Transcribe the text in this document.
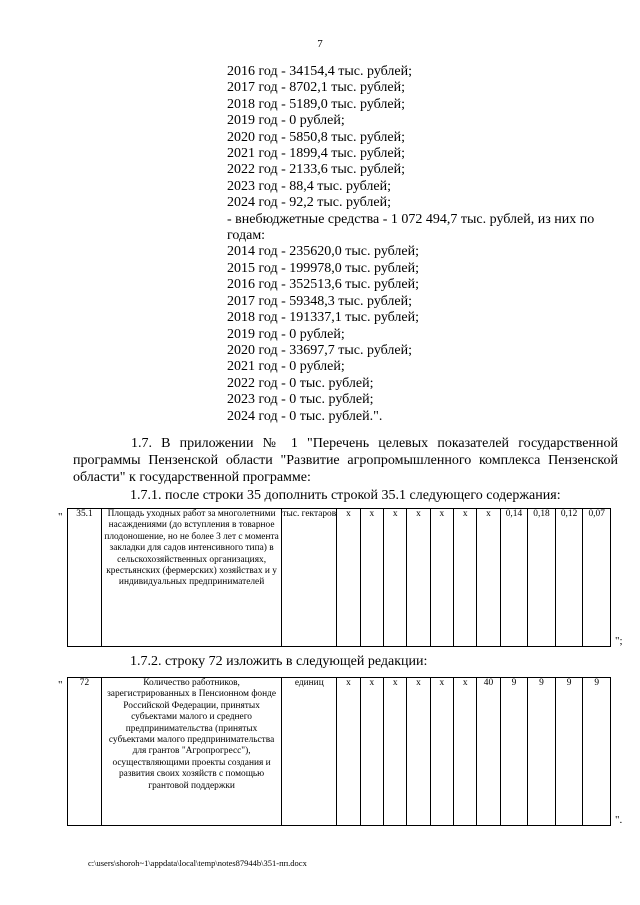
7
2016 год - 34154,4 тыс. рублей;
2017 год - 8702,1 тыс. рублей;
2018 год - 5189,0 тыс. рублей;
2019 год - 0 рублей;
2020 год - 5850,8 тыс. рублей;
2021 год - 1899,4 тыс. рублей;
2022 год - 2133,6 тыс. рублей;
2023 год - 88,4 тыс. рублей;
2024 год - 92,2 тыс. рублей;
- внебюджетные средства - 1 072 494,7 тыс. рублей, из них по годам:
2014 год - 235620,0 тыс. рублей;
2015 год - 199978,0 тыс. рублей;
2016 год - 352513,6 тыс. рублей;
2017 год - 59348,3 тыс. рублей;
2018 год - 191337,1 тыс. рублей;
2019 год - 0 рублей;
2020 год - 33697,7 тыс. рублей;
2021 год - 0 рублей;
2022 год - 0 тыс. рублей;
2023 год - 0 тыс. рублей;
2024 год - 0 тыс. рублей.".
1.7. В приложении № 1 "Перечень целевых показателей государственной программы Пензенской области "Развитие агропромышленного комплекса Пензенской области" к государственной программе:
1.7.1. после строки 35 дополнить строкой 35.1 следующего содержания:
" 35.1	Площадь уходных работ за многолетними насаждениями (до вступления в товарное плодоношение, но не более 3 лет с момента закладки для садов интенсивного типа) в сельскохозяйственных организациях, крестьянских (фермерских) хозяйствах и у индивидуальных предпринимателей	тыс. гектаров	x	x	x	x	x	x	x	0,14	0,18	0,12	0,07
";
1.7.2. строку 72 изложить в следующей редакции:
" 72	Количество работников, зарегистрированных в Пенсионном фонде Российской Федерации, принятых субъектами малого и среднего предпринимательства (принятых субъектами малого предпринимательства для грантов "Агропрогресс"), осуществляющими проекты создания и развития своих хозяйств с помощью грантовой поддержки	единиц	x	x	x	x	x	x	40	9	9	9	9
".
c:\users\shoroh~1\appdata\local\temp\notes87944b\351-пп.docx
